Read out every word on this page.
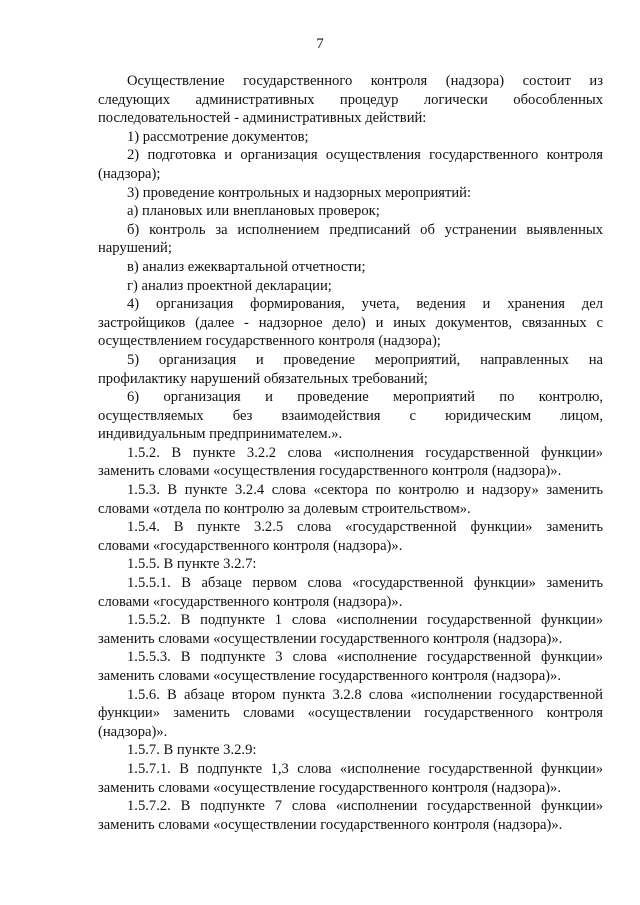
7
Осуществление государственного контроля (надзора) состоит из
следующих административных процедур логически обособленных
последовательностей - административных действий:
1) рассмотрение документов;
2) подготовка и организация осуществления государственного контроля
(надзора);
3) проведение контрольных и надзорных мероприятий:
а) плановых или внеплановых проверок;
б) контроль за исполнением предписаний об устранении выявленных
нарушений;
в) анализ ежеквартальной отчетности;
г) анализ проектной декларации;
4) организация формирования, учета, ведения и хранения дел
застройщиков (далее - надзорное дело) и иных документов, связанных с
осуществлением государственного контроля (надзора);
5) организация и проведение мероприятий, направленных на
профилактику нарушений обязательных требований;
6) организация и проведение мероприятий по контролю,
осуществляемых без взаимодействия с юридическим лицом,
индивидуальным предпринимателем.».
1.5.2. В пункте 3.2.2 слова «исполнения государственной функции»
заменить словами «осуществления государственного контроля (надзора)».
1.5.3. В пункте 3.2.4 слова «сектора по контролю и надзору» заменить
словами «отдела по контролю за долевым строительством».
1.5.4. В пункте 3.2.5 слова «государственной функции» заменить
словами «государственного контроля (надзора)».
1.5.5. В пункте 3.2.7:
1.5.5.1. В абзаце первом слова «государственной функции» заменить
словами «государственного контроля (надзора)».
1.5.5.2. В подпункте 1 слова «исполнении государственной функции»
заменить словами «осуществлении государственного контроля (надзора)».
1.5.5.3. В подпункте 3 слова «исполнение государственной функции»
заменить словами «осуществление государственного контроля (надзора)».
1.5.6. В абзаце втором пункта 3.2.8 слова «исполнении государственной
функции» заменить словами «осуществлении государственного контроля
(надзора)».
1.5.7. В пункте 3.2.9:
1.5.7.1. В подпункте 1,3 слова «исполнение государственной функции»
заменить словами «осуществление государственного контроля (надзора)».
1.5.7.2. В подпункте 7 слова «исполнении государственной функции»
заменить словами «осуществлении государственного контроля (надзора)».
